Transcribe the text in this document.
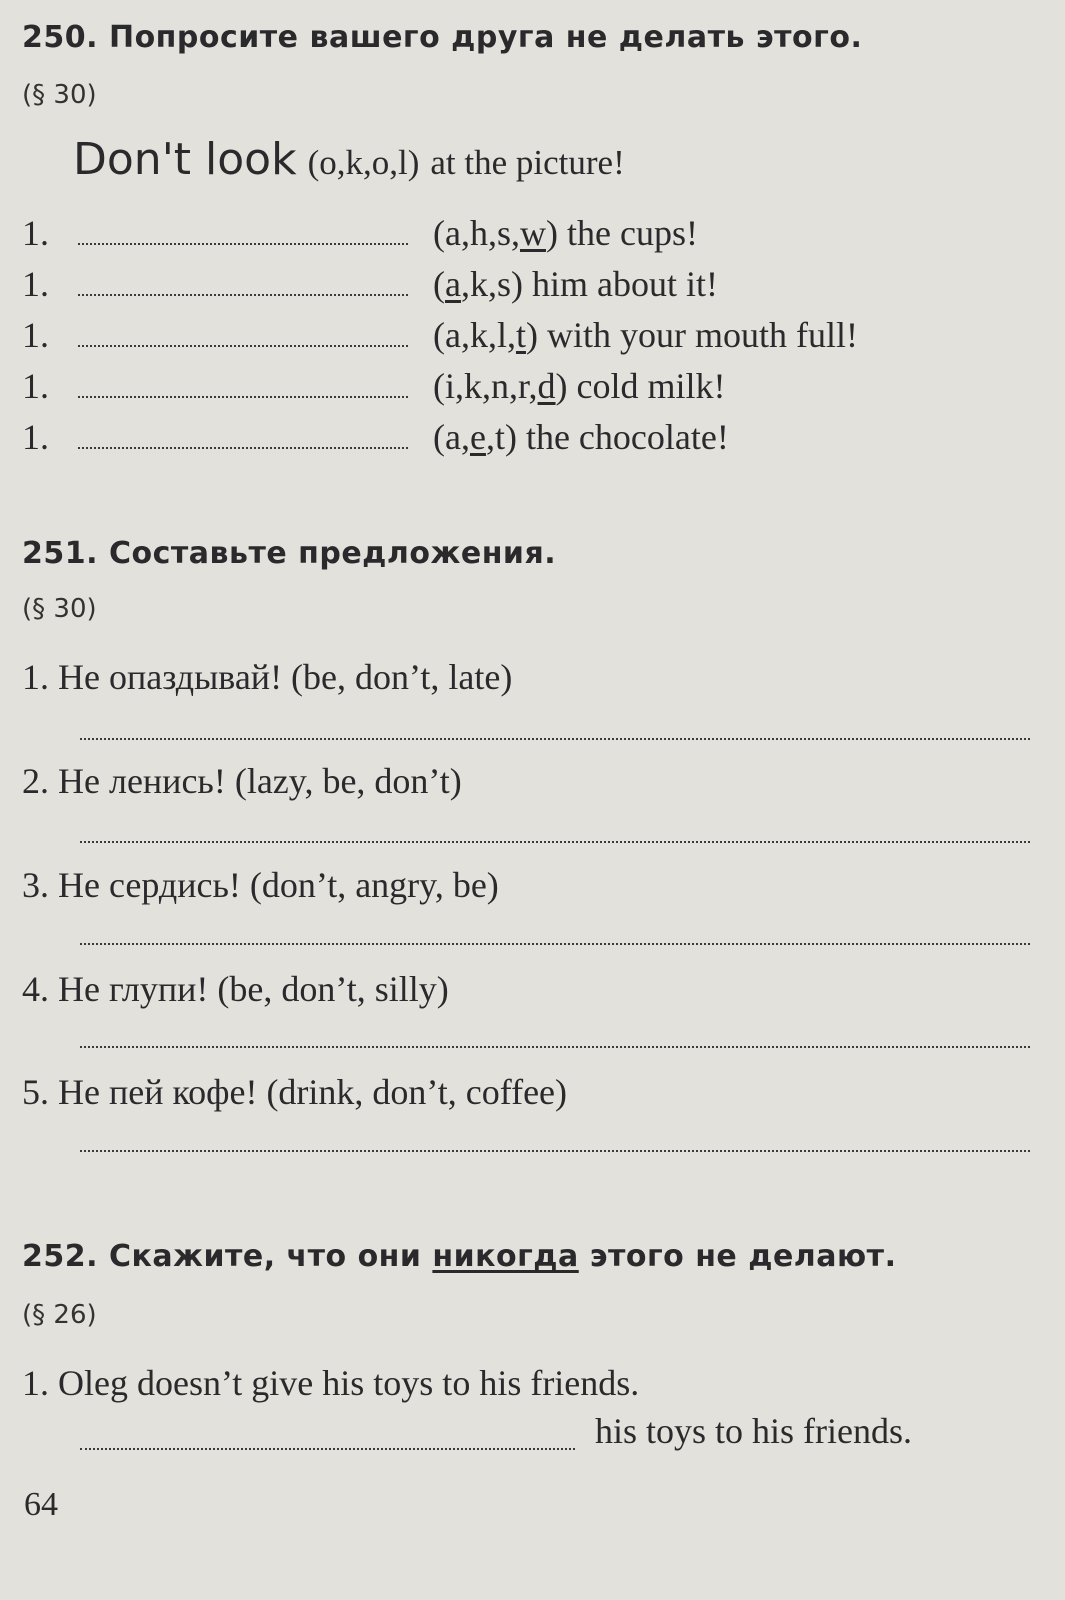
250. Попросите вашего друга не делать этого.
(§ 30)
Don't look (o,k,o,l) at the picture!
1.	(a,h,s,w) the cups!
1.	(a,k,s) him about it!
1.	(a,k,l,t) with your mouth full!
1.	(i,k,n,r,d) cold milk!
1.	(a,e,t) the chocolate!
251. Составьте предложения.
(§ 30)
1. Не опаздывай! (be, don’t, late)
2. Не ленись! (lazy, be, don’t)
3. Не сердись! (don’t, angry, be)
4. Не глупи! (be, don’t, silly)
5. Не пей кофе! (drink, don’t, coffee)
252. Скажите, что они никогда этого не делают.
(§ 26)
1. Oleg doesn’t give his toys to his friends.
his toys to his friends.
64
